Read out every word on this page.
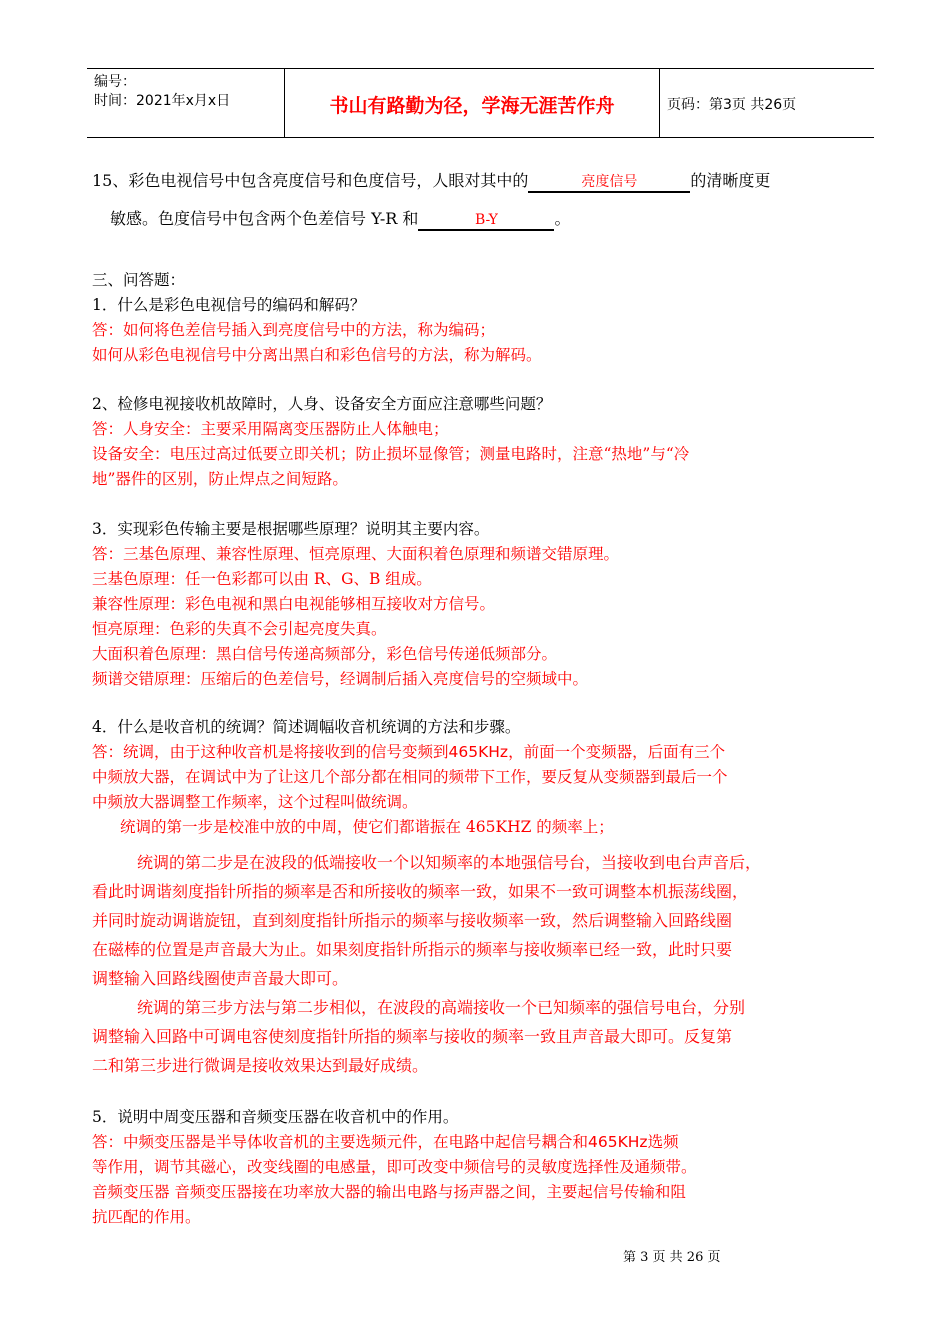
编号：
时间：2021年x月x日	书山有路勤为径，学海无涯苦作舟	页码：第3页 共26页
15、彩色电视信号中包含亮度信号和色度信号，人眼对其中的	亮度信号	的清晰度更
敏感。色度信号中包含两个色差信号 Y-R 和	B-Y	。
三、问答题：
1．什么是彩色电视信号的编码和解码？
答：如何将色差信号插入到亮度信号中的方法，称为编码；
如何从彩色电视信号中分离出黑白和彩色信号的方法，称为解码。
2、检修电视接收机故障时，人身、设备安全方面应注意哪些问题？
答：人身安全：主要采用隔离变压器防止人体触电；
设备安全：电压过高过低要立即关机；防止损坏显像管；测量电路时，注意“热地”与“冷
地”器件的区别，防止焊点之间短路。
3．实现彩色传输主要是根据哪些原理？说明其主要内容。
答：三基色原理、兼容性原理、恒亮原理、大面积着色原理和频谱交错原理。
三基色原理：任一色彩都可以由 R、G、B 组成。
兼容性原理：彩色电视和黑白电视能够相互接收对方信号。
恒亮原理：色彩的失真不会引起亮度失真。
大面积着色原理：黑白信号传递高频部分，彩色信号传递低频部分。
频谱交错原理：压缩后的色差信号，经调制后插入亮度信号的空频域中。
4．什么是收音机的统调？简述调幅收音机统调的方法和步骤。
答：统调，由于这种收音机是将接收到的信号变频到465KHz，前面一个变频器，后面有三个
中频放大器，在调试中为了让这几个部分都在相同的频带下工作，要反复从变频器到最后一个
中频放大器调整工作频率，这个过程叫做统调。
统调的第一步是校准中放的中周，使它们都谐振在 465KHZ 的频率上；
统调的第二步是在波段的低端接收一个以知频率的本地强信号台，当接收到电台声音后，
看此时调谐刻度指针所指的频率是否和所接收的频率一致，如果不一致可调整本机振荡线圈，
并同时旋动调谐旋钮，直到刻度指针所指示的频率与接收频率一致，然后调整输入回路线圈
在磁棒的位置是声音最大为止。如果刻度指针所指示的频率与接收频率已经一致，此时只要
调整输入回路线圈使声音最大即可。
统调的第三步方法与第二步相似，在波段的高端接收一个已知频率的强信号电台，分别
调整输入回路中可调电容使刻度指针所指的频率与接收的频率一致且声音最大即可。反复第
二和第三步进行微调是接收效果达到最好成绩。
5．说明中周变压器和音频变压器在收音机中的作用。
答：中频变压器是半导体收音机的主要选频元件，在电路中起信号耦合和465KHz选频
等作用，调节其磁心，改变线圈的电感量，即可改变中频信号的灵敏度选择性及通频带。
音频变压器 音频变压器接在功率放大器的输出电路与扬声器之间，主要起信号传输和阻
抗匹配的作用。
第 3 页 共 26 页
